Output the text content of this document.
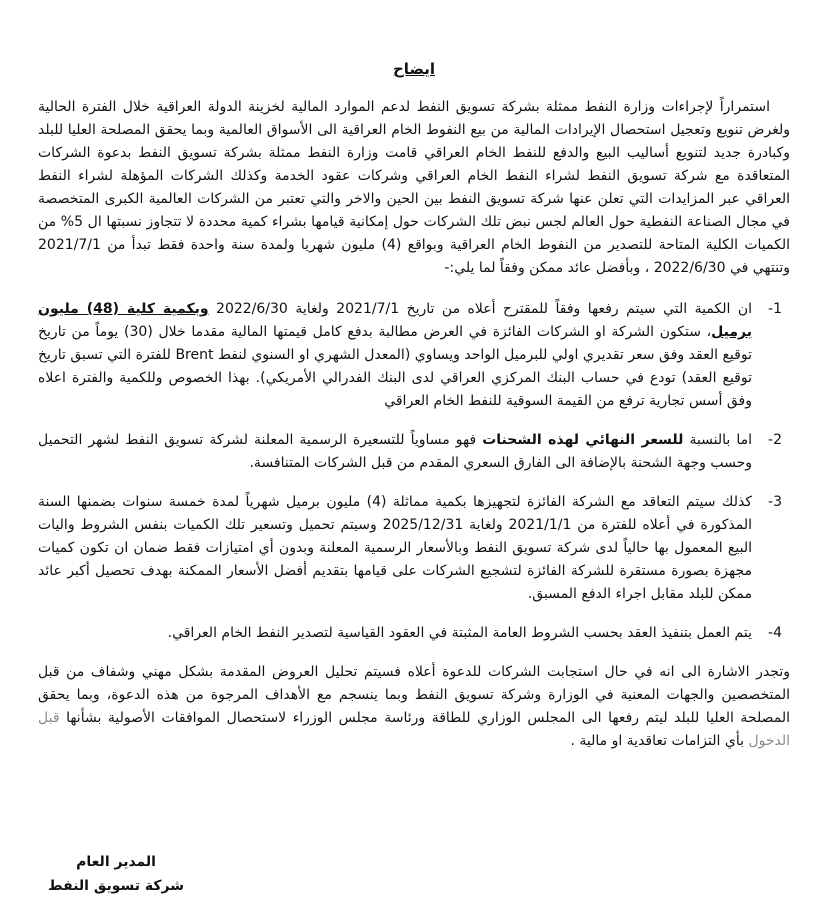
ايضاح

استمراراً لإجراءات وزارة النفط ممثلة بشركة تسويق النفط لدعم الموارد المالية لخزينة الدولة العراقية خلال الفترة الحالية ولغرض تنويع وتعجيل استحصال الإيرادات المالية من بيع النفوط الخام العراقية الى الأسواق العالمية وبما يحقق المصلحة العليا للبلد وكبادرة جديد لتنويع أساليب البيع والدفع للنفط الخام العراقي قامت وزارة النفط ممثلة بشركة تسويق النفط بدعوة الشركات المتعاقدة مع شركة تسويق النفط لشراء النفط الخام العراقي وشركات عقود الخدمة وكذلك الشركات المؤهلة لشراء النفط العراقي عبر المزايدات التي تعلن عنها شركة تسويق النفط بين الحين والاخر والتي تعتبر من الشركات العالمية الكبرى المتخصصة في مجال الصناعة النفطية حول العالم لجس نبض تلك الشركات حول إمكانية قيامها بشراء كمية محددة لا تتجاوز نسبتها ال 5% من الكميات الكلية المتاحة للتصدير من النفوط الخام العراقية وبواقع (4) مليون شهريا ولمدة سنة واحدة فقط تبدأ من 2021/7/1 وتنتهي في 2022/6/30 ، وبأفضل عائد ممكن وفقاً لما يلي:-

-1
ان الكمية التي سيتم رفعها وفقاً للمقترح أعلاه من تاريخ 2021/7/1 ولغاية 2022/6/30 وبكمية كلية (48) مليون برميل، ستكون الشركة او الشركات الفائزة في العرض مطالبة بدفع كامل قيمتها المالية مقدما خلال (30) يوماً من تاريخ توقيع العقد وفق سعر تقديري اولي للبرميل الواحد ويساوي (المعدل الشهري او السنوي لنفط Brent للفترة التي تسبق تاريخ توقيع العقد) تودع في حساب البنك المركزي العراقي لدى البنك الفدرالي الأمريكي). بهذا الخصوص وللكمية والفترة اعلاه وفق أسس تجارية ترفع من القيمة السوقية للنفط الخام العراقي
-2
اما بالنسبة للسعر النهائي لهذه الشحنات فهو مساوياً للتسعيرة الرسمية المعلنة لشركة تسويق النفط لشهر التحميل وحسب وجهة الشحنة بالإضافة الى الفارق السعري المقدم من قبل الشركات المتنافسة.
-3
كذلك سيتم التعاقد مع الشركة الفائزة لتجهيزها بكمية مماثلة (4) مليون برميل شهرياً لمدة خمسة سنوات بضمنها السنة المذكورة في أعلاه للفترة من 2021/1/1 ولغاية 2025/12/31 وسيتم تحميل وتسعير تلك الكميات بنفس الشروط واليات البيع المعمول بها حالياً لدى شركة تسويق النفط وبالأسعار الرسمية المعلنة وبدون أي امتيازات فقط ضمان ان تكون كميات مجهزة بصورة مستقرة للشركة الفائزة لتشجيع الشركات على قيامها بتقديم أفضل الأسعار الممكنة بهدف تحصيل أكبر عائد ممكن للبلد مقابل اجراء الدفع المسبق.
-4
يتم العمل بتنفيذ العقد بحسب الشروط العامة المثبتة في العقود القياسية لتصدير النفط الخام العراقي.

وتجدر الاشارة الى انه في حال استجابت الشركات للدعوة أعلاه فسيتم تحليل العروض المقدمة بشكل مهني وشفاف من قبل المتخصصين والجهات المعنية في الوزارة وشركة تسويق النفط وبما ينسجم مع الأهداف المرجوة من هذه الدعوة، وبما يحقق المصلحة العليا للبلد ليتم رفعها الى المجلس الوزاري للطاقة ورئاسة مجلس الوزراء لاستحصال الموافقات الأصولية بشأنها قبل الدخول بأي التزامات تعاقدية او مالية .

المدير العام
شركة تسويق النفط
